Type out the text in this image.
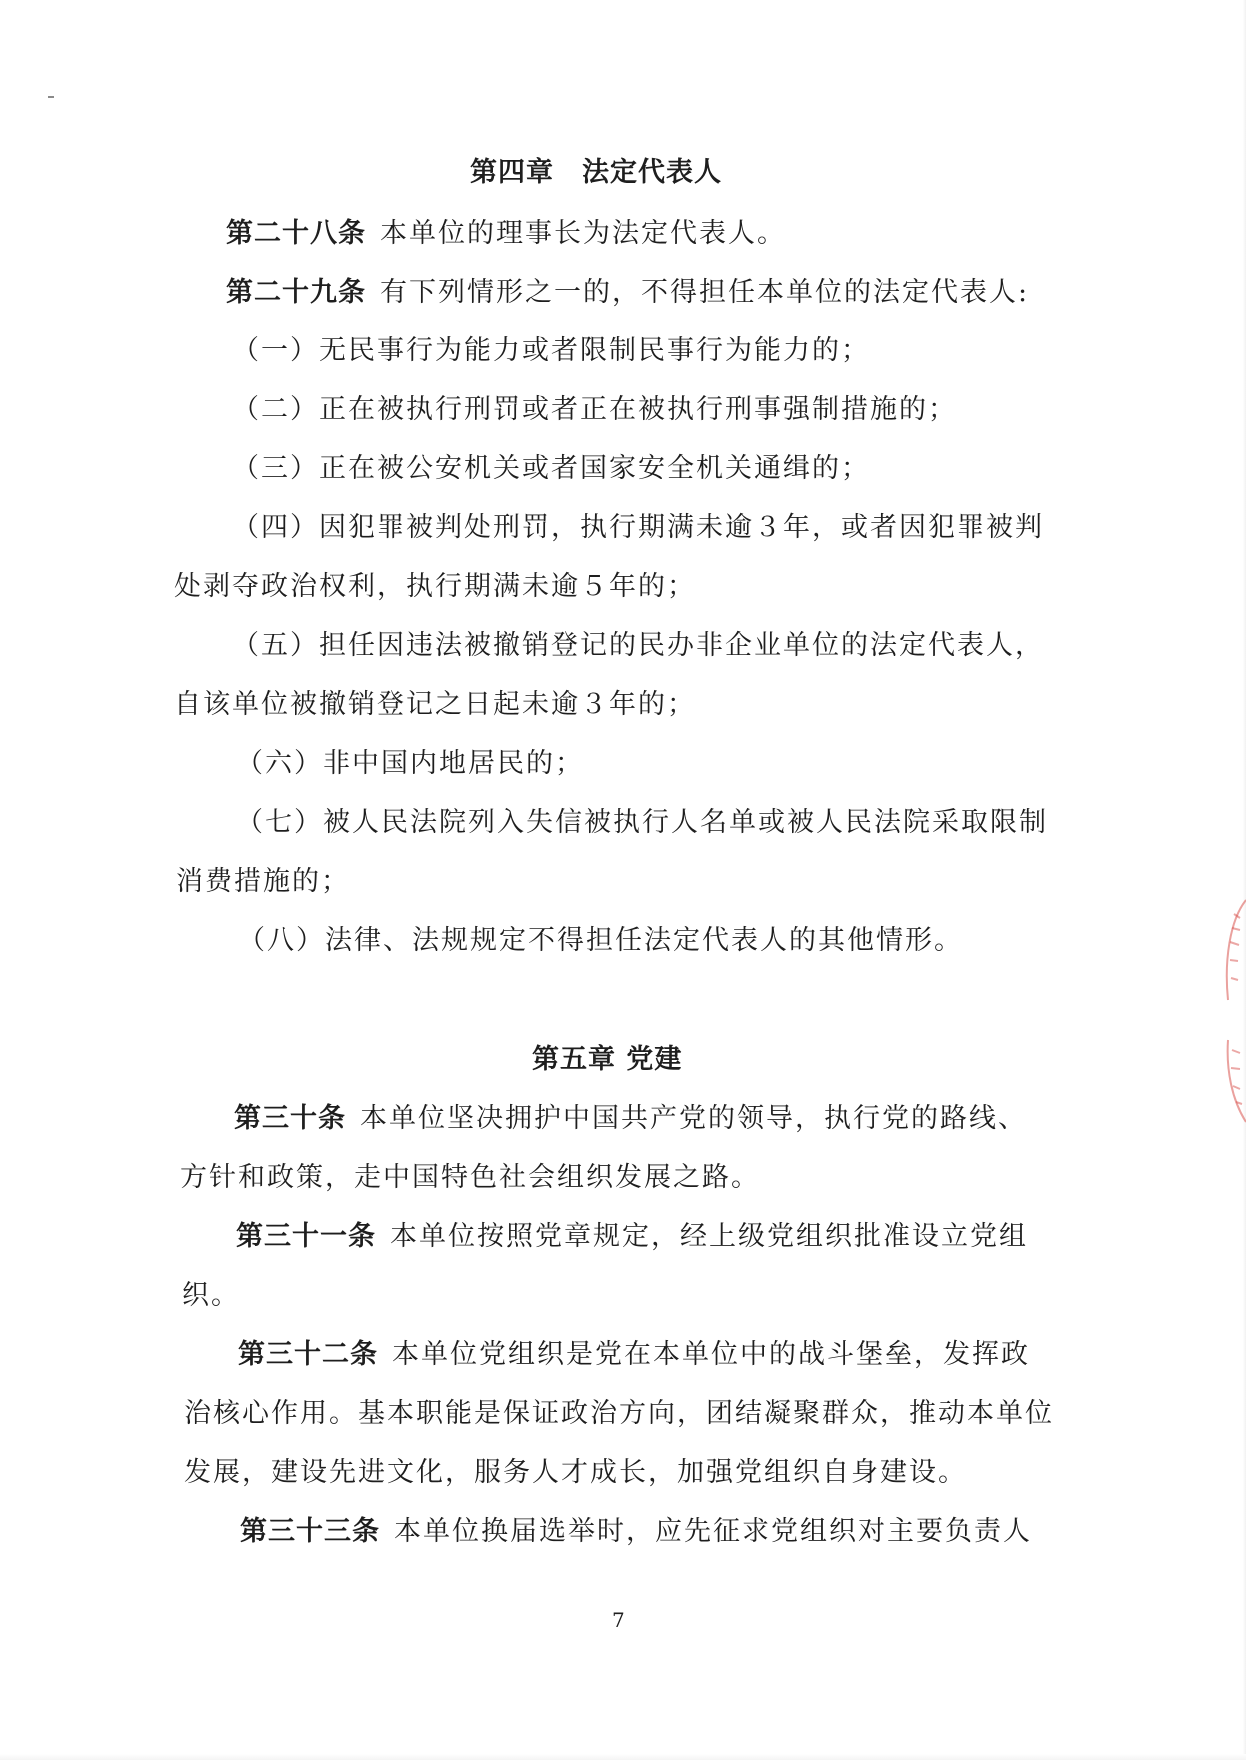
第四章　法定代表人
第二十八条 本单位的理事长为法定代表人。
第二十九条 有下列情形之一的，不得担任本单位的法定代表人:
（一）无民事行为能力或者限制民事行为能力的；
（二）正在被执行刑罚或者正在被执行刑事强制措施的；
（三）正在被公安机关或者国家安全机关通缉的；
（四）因犯罪被判处刑罚，执行期满未逾３年，或者因犯罪被判
处剥夺政治权利，执行期满未逾５年的；
（五）担任因违法被撤销登记的民办非企业单位的法定代表人，
自该单位被撤销登记之日起未逾３年的；
（六）非中国内地居民的；
（七）被人民法院列入失信被执行人名单或被人民法院采取限制
消费措施的；
（八）法律、法规规定不得担任法定代表人的其他情形。
第五章 党建
第三十条 本单位坚决拥护中国共产党的领导，执行党的路线、
方针和政策，走中国特色社会组织发展之路。
第三十一条 本单位按照党章规定，经上级党组织批准设立党组
织。
第三十二条 本单位党组织是党在本单位中的战斗堡垒，发挥政
治核心作用。基本职能是保证政治方向，团结凝聚群众，推动本单位
发展，建设先进文化，服务人才成长，加强党组织自身建设。
第三十三条 本单位换届选举时，应先征求党组织对主要负责人
7
